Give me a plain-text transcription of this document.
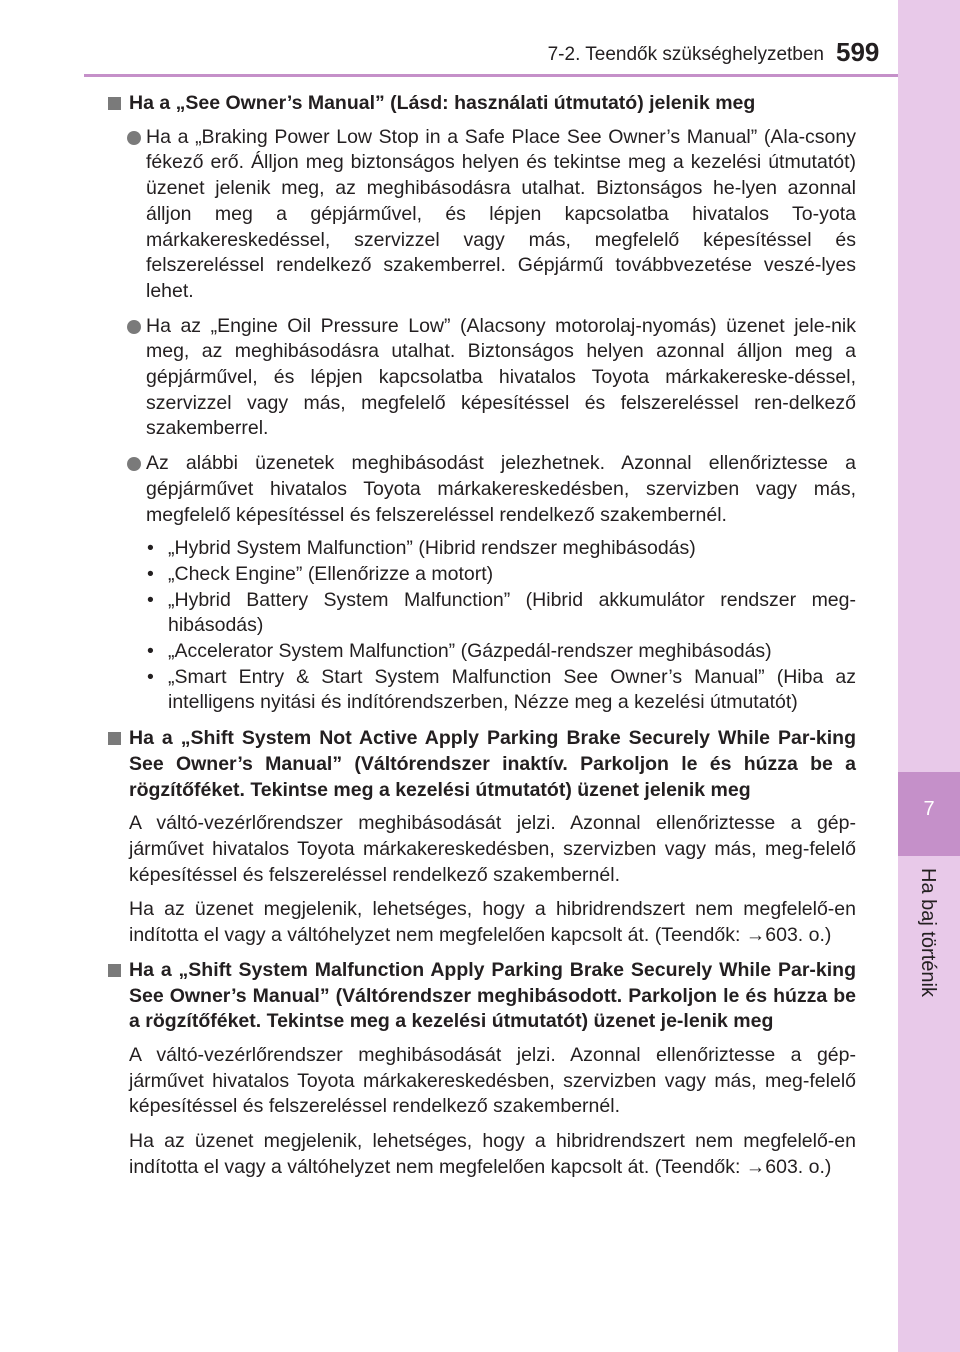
7-2. Teendők szükséghelyzetben 599
7
Ha baj történik
Ha a „See Owner’s Manual” (Lásd: használati útmutató) jelenik meg
Ha a „Braking Power Low Stop in a Safe Place See Owner’s Manual” (Ala-csony fékező erő. Álljon meg biztonságos helyen és tekintse meg a kezelési útmutatót) üzenet jelenik meg, az meghibásodásra utalhat. Biztonságos he-lyen azonnal álljon meg a gépjárművel, és lépjen kapcsolatba hivatalos To-yota márkakereskedéssel, szervizzel vagy más, megfelelő képesítéssel és felszereléssel rendelkező szakemberrel. Gépjármű továbbvezetése veszé-lyes lehet.
Ha az „Engine Oil Pressure Low” (Alacsony motorolaj-nyomás) üzenet jele-nik meg, az meghibásodásra utalhat. Biztonságos helyen azonnal álljon meg a gépjárművel, és lépjen kapcsolatba hivatalos Toyota márkakereske-déssel, szervizzel vagy más, megfelelő képesítéssel és felszereléssel ren-delkező szakemberrel.
Az alábbi üzenetek meghibásodást jelezhetnek. Azonnal ellenőriztesse a gépjárművet hivatalos Toyota márkakereskedésben, szervizben vagy más, megfelelő képesítéssel és felszereléssel rendelkező szakembernél.
• „Hybrid System Malfunction” (Hibrid rendszer meghibásodás)
• „Check Engine” (Ellenőrizze a motort)
• „Hybrid Battery System Malfunction” (Hibrid akkumulátor rendszer meg-hibásodás)
• „Accelerator System Malfunction” (Gázpedál-rendszer meghibásodás)
• „Smart Entry & Start System Malfunction See Owner’s Manual” (Hiba az intelligens nyitási és indítórendszerben, Nézze meg a kezelési útmutatót)
Ha a „Shift System Not Active Apply Parking Brake Securely While Par-king See Owner’s Manual” (Váltórendszer inaktív. Parkoljon le és húzza be a rögzítőféket. Tekintse meg a kezelési útmutatót) üzenet jelenik meg
A váltó-vezérlőrendszer meghibásodását jelzi. Azonnal ellenőriztesse a gép-járművet hivatalos Toyota márkakereskedésben, szervizben vagy más, meg-felelő képesítéssel és felszereléssel rendelkező szakembernél.
Ha az üzenet megjelenik, lehetséges, hogy a hibridrendszert nem megfelelő-en indította el vagy a váltóhelyzet nem megfelelően kapcsolt át. (Teendők: →603. o.)
Ha a „Shift System Malfunction Apply Parking Brake Securely While Par-king See Owner’s Manual” (Váltórendszer meghibásodott. Parkoljon le és húzza be a rögzítőféket. Tekintse meg a kezelési útmutatót) üzenet je-lenik meg
A váltó-vezérlőrendszer meghibásodását jelzi. Azonnal ellenőriztesse a gép-járművet hivatalos Toyota márkakereskedésben, szervizben vagy más, meg-felelő képesítéssel és felszereléssel rendelkező szakembernél.
Ha az üzenet megjelenik, lehetséges, hogy a hibridrendszert nem megfelelő-en indította el vagy a váltóhelyzet nem megfelelően kapcsolt át. (Teendők: →603. o.)
